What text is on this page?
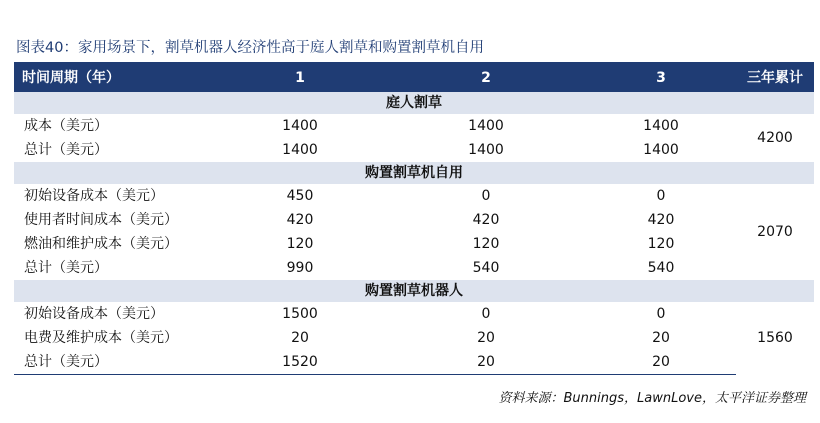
图表40：家用场景下，割草机器人经济性高于庭人割草和购置割草机自用
时间周期（年）	1	2	3	三年累计
庭人割草				
成本（美元）	1400	1400	1400	4200
总计（美元）	1400	1400	1400	
购置割草机自用				
初始设备成本（美元）	450	0	0	2070
使用者时间成本（美元）	420	420	420	
燃油和维护成本（美元）	120	120	120	
总计（美元）	990	540	540	
购置割草机器人				
初始设备成本（美元）	1500	0	0	1560
电费及维护成本（美元）	20	20	20	
总计（美元）	1520	20	20	
资料来源：Bunnings，LawnLove，太平洋证券整理
